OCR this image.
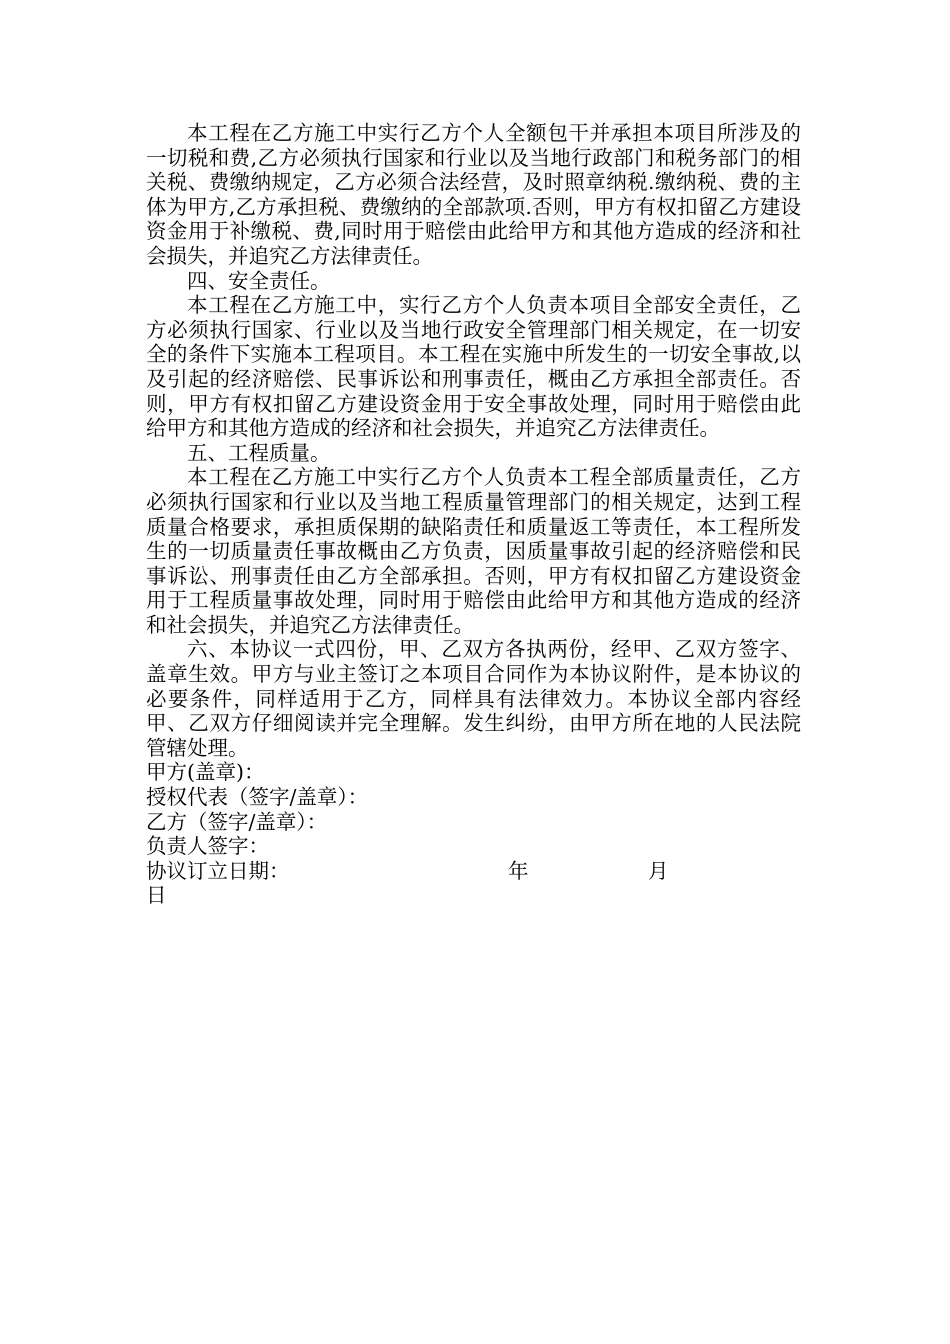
本工程在乙方施工中实行乙方个人全额包干并承担本项目所涉及的一切税和费,乙方必须执行国家和行业以及当地行政部门和税务部门的相关税、费缴纳规定，乙方必须合法经营，及时照章纳税.缴纳税、费的主体为甲方,乙方承担税、费缴纳的全部款项.否则，甲方有权扣留乙方建设资金用于补缴税、费,同时用于赔偿由此给甲方和其他方造成的经济和社会损失，并追究乙方法律责任。

四、安全责任。

本工程在乙方施工中，实行乙方个人负责本项目全部安全责任，乙方必须执行国家、行业以及当地行政安全管理部门相关规定，在一切安全的条件下实施本工程项目。本工程在实施中所发生的一切安全事故,以及引起的经济赔偿、民事诉讼和刑事责任，概由乙方承担全部责任。否则，甲方有权扣留乙方建设资金用于安全事故处理，同时用于赔偿由此给甲方和其他方造成的经济和社会损失，并追究乙方法律责任。

五、工程质量。

本工程在乙方施工中实行乙方个人负责本工程全部质量责任，乙方必须执行国家和行业以及当地工程质量管理部门的相关规定，达到工程质量合格要求，承担质保期的缺陷责任和质量返工等责任，本工程所发生的一切质量责任事故概由乙方负责，因质量事故引起的经济赔偿和民事诉讼、刑事责任由乙方全部承担。否则，甲方有权扣留乙方建设资金用于工程质量事故处理，同时用于赔偿由此给甲方和其他方造成的经济和社会损失，并追究乙方法律责任。

六、本协议一式四份，甲、乙双方各执两份，经甲、乙双方签字、盖章生效。甲方与业主签订之本项目合同作为本协议附件，是本协议的必要条件，同样适用于乙方，同样具有法律效力。本协议全部内容经甲、乙双方仔细阅读并完全理解。发生纠纷，由甲方所在地的人民法院管辖处理。

甲方(盖章)：

授权代表（签字/盖章）：

乙方（签字/盖章）：

负责人签字：

协议订立日期：	年	月

日
